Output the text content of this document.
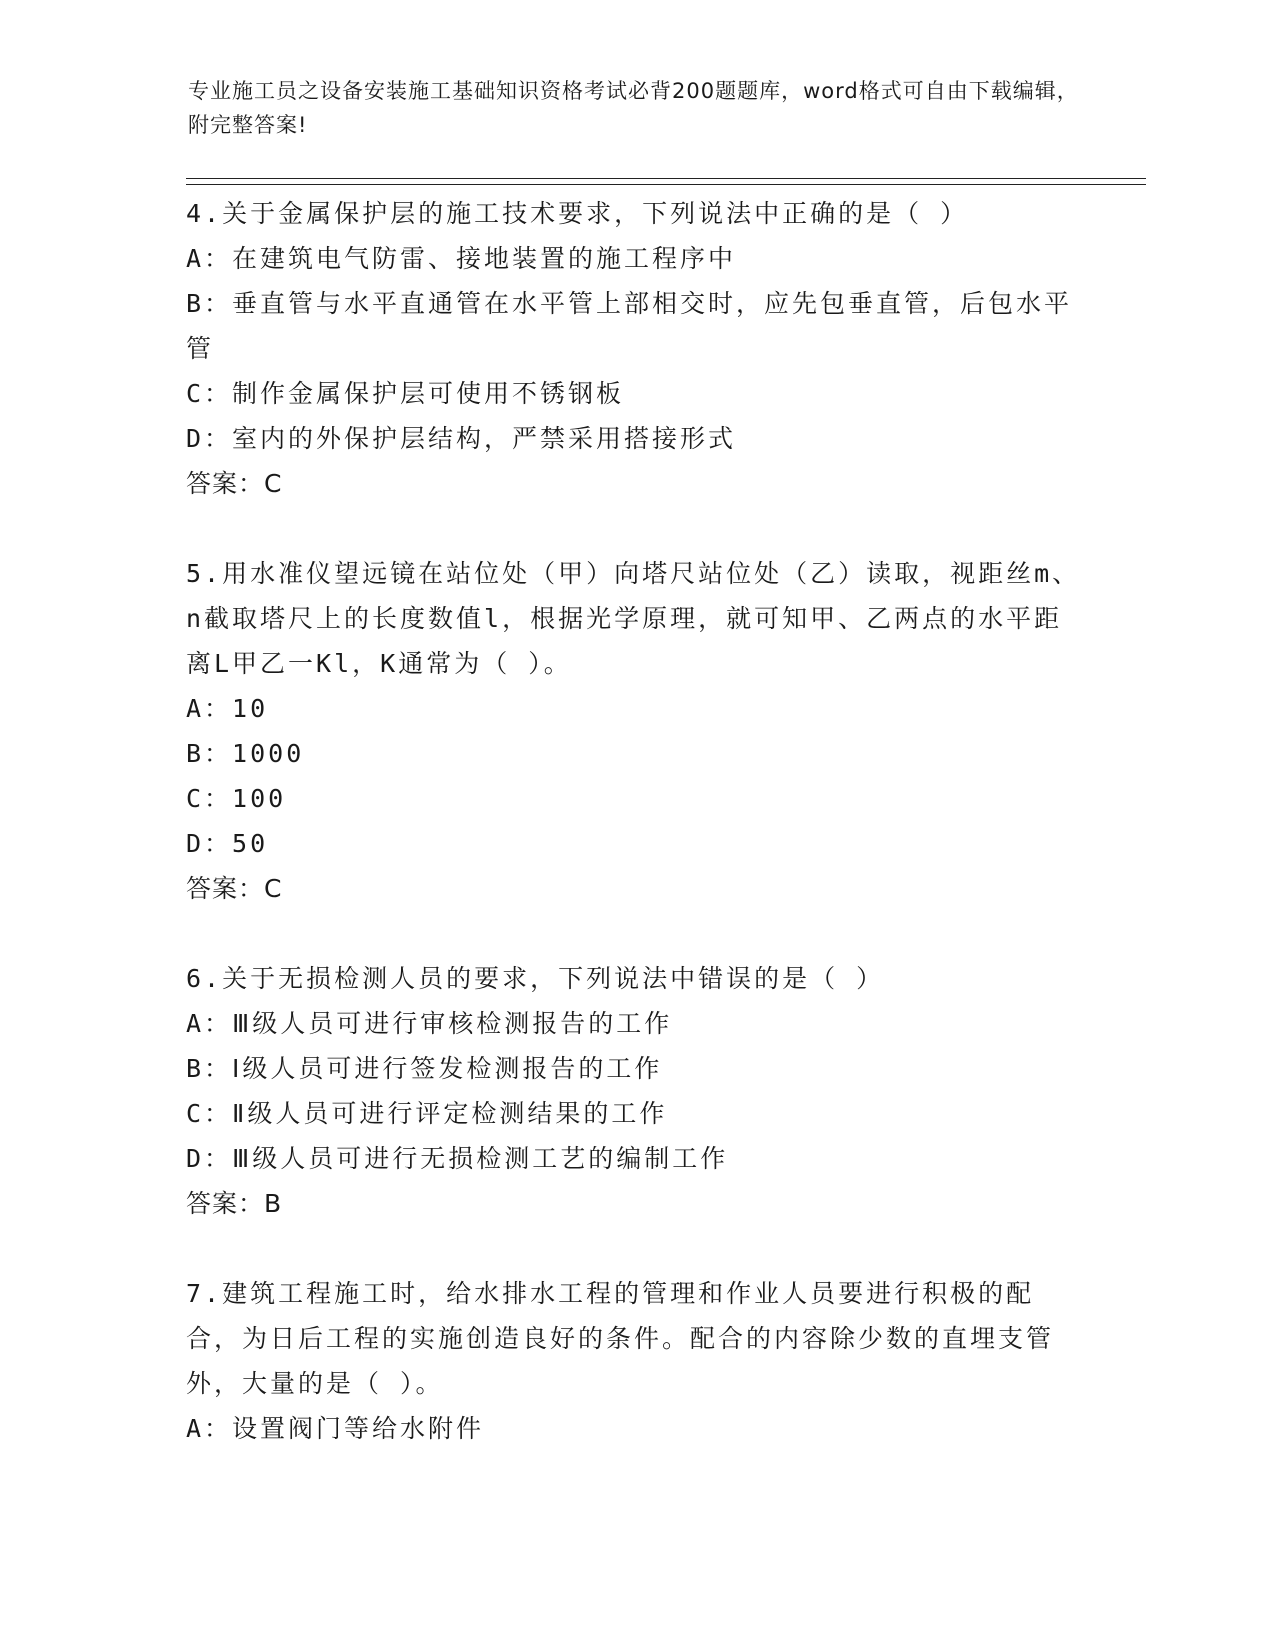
专业施工员之设备安装施工基础知识资格考试必背200题题库，word格式可自由下载编辑，附完整答案!
4.关于金属保护层的施工技术要求，下列说法中正确的是（ ）
A：在建筑电气防雷、接地装置的施工程序中
B：垂直管与水平直通管在水平管上部相交时，应先包垂直管，后包水平管
C：制作金属保护层可使用不锈钢板
D：室内的外保护层结构，严禁采用搭接形式
答案：C
5.用水准仪望远镜在站位处（甲）向塔尺站位处（乙）读取，视距丝m、n截取塔尺上的长度数值l，根据光学原理，就可知甲、乙两点的水平距离L甲乙一Kl，K通常为（ ）。
A：10
B：1000
C：100
D：50
答案：C
6.关于无损检测人员的要求，下列说法中错误的是（ ）
A：Ⅲ级人员可进行审核检测报告的工作
B：Ⅰ级人员可进行签发检测报告的工作
C：Ⅱ级人员可进行评定检测结果的工作
D：Ⅲ级人员可进行无损检测工艺的编制工作
答案：B
7.建筑工程施工时，给水排水工程的管理和作业人员要进行积极的配合，为日后工程的实施创造良好的条件。配合的内容除少数的直埋支管外，大量的是（ ）。
A：设置阀门等给水附件
